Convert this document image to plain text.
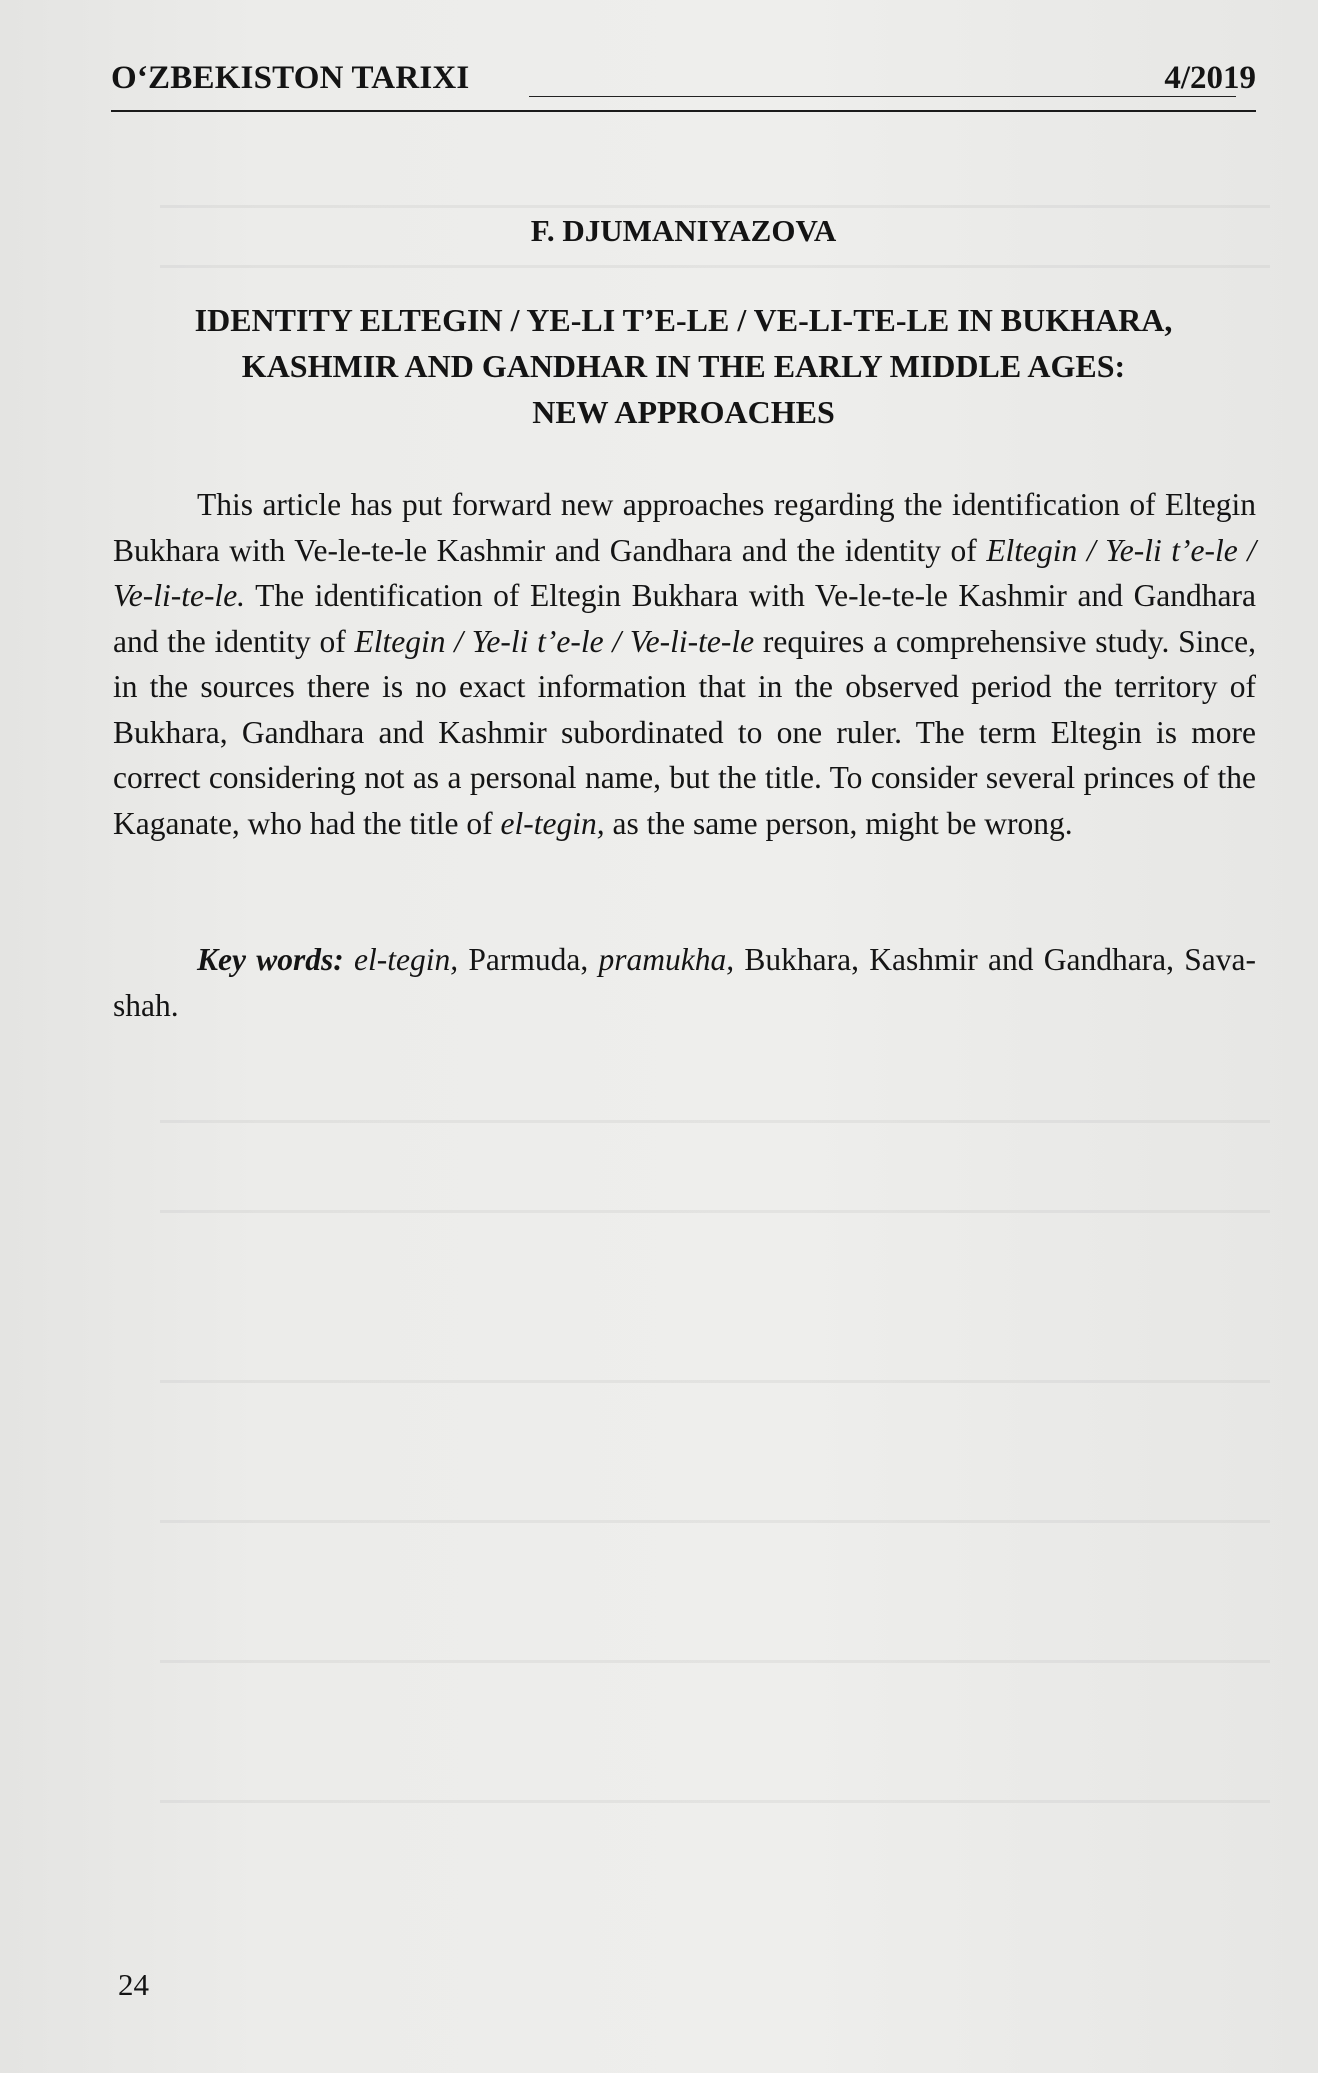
O‘ZBEKISTON TARIXI	4/2019
F. DJUMANIYAZOVA
IDENTITY ELTEGIN / YE-LI T’E-LE / VE-LI-TE-LE IN BUKHARA,
KASHMIR AND GANDHAR IN THE EARLY MIDDLE AGES:
NEW APPROACHES

This article has put forward new approaches regarding the identification of Eltegin Bukhara with Ve-le-te-le Kashmir and Gandhara and the identity of Eltegin / Ye-li t’e-le / Ve-li-te-le. The identification of Eltegin Bukhara with Ve-le-te-le Kashmir and Gandhara and the identity of Eltegin / Ye-li t’e-le / Ve-li-te-le requires a comprehensive study. Since, in the sources there is no exact information that in the observed period the territory of Bukhara, Gandhara and Kashmir subordinated to one ruler. The term Eltegin is more correct considering not as a personal name, but the title. To consider several princes of the Kaganate, who had the title of el-tegin, as the same person, might be wrong.

Key words: el-tegin, Parmuda, pramukha, Bukhara, Kashmir and Gandhara, Sava-shah.

24
